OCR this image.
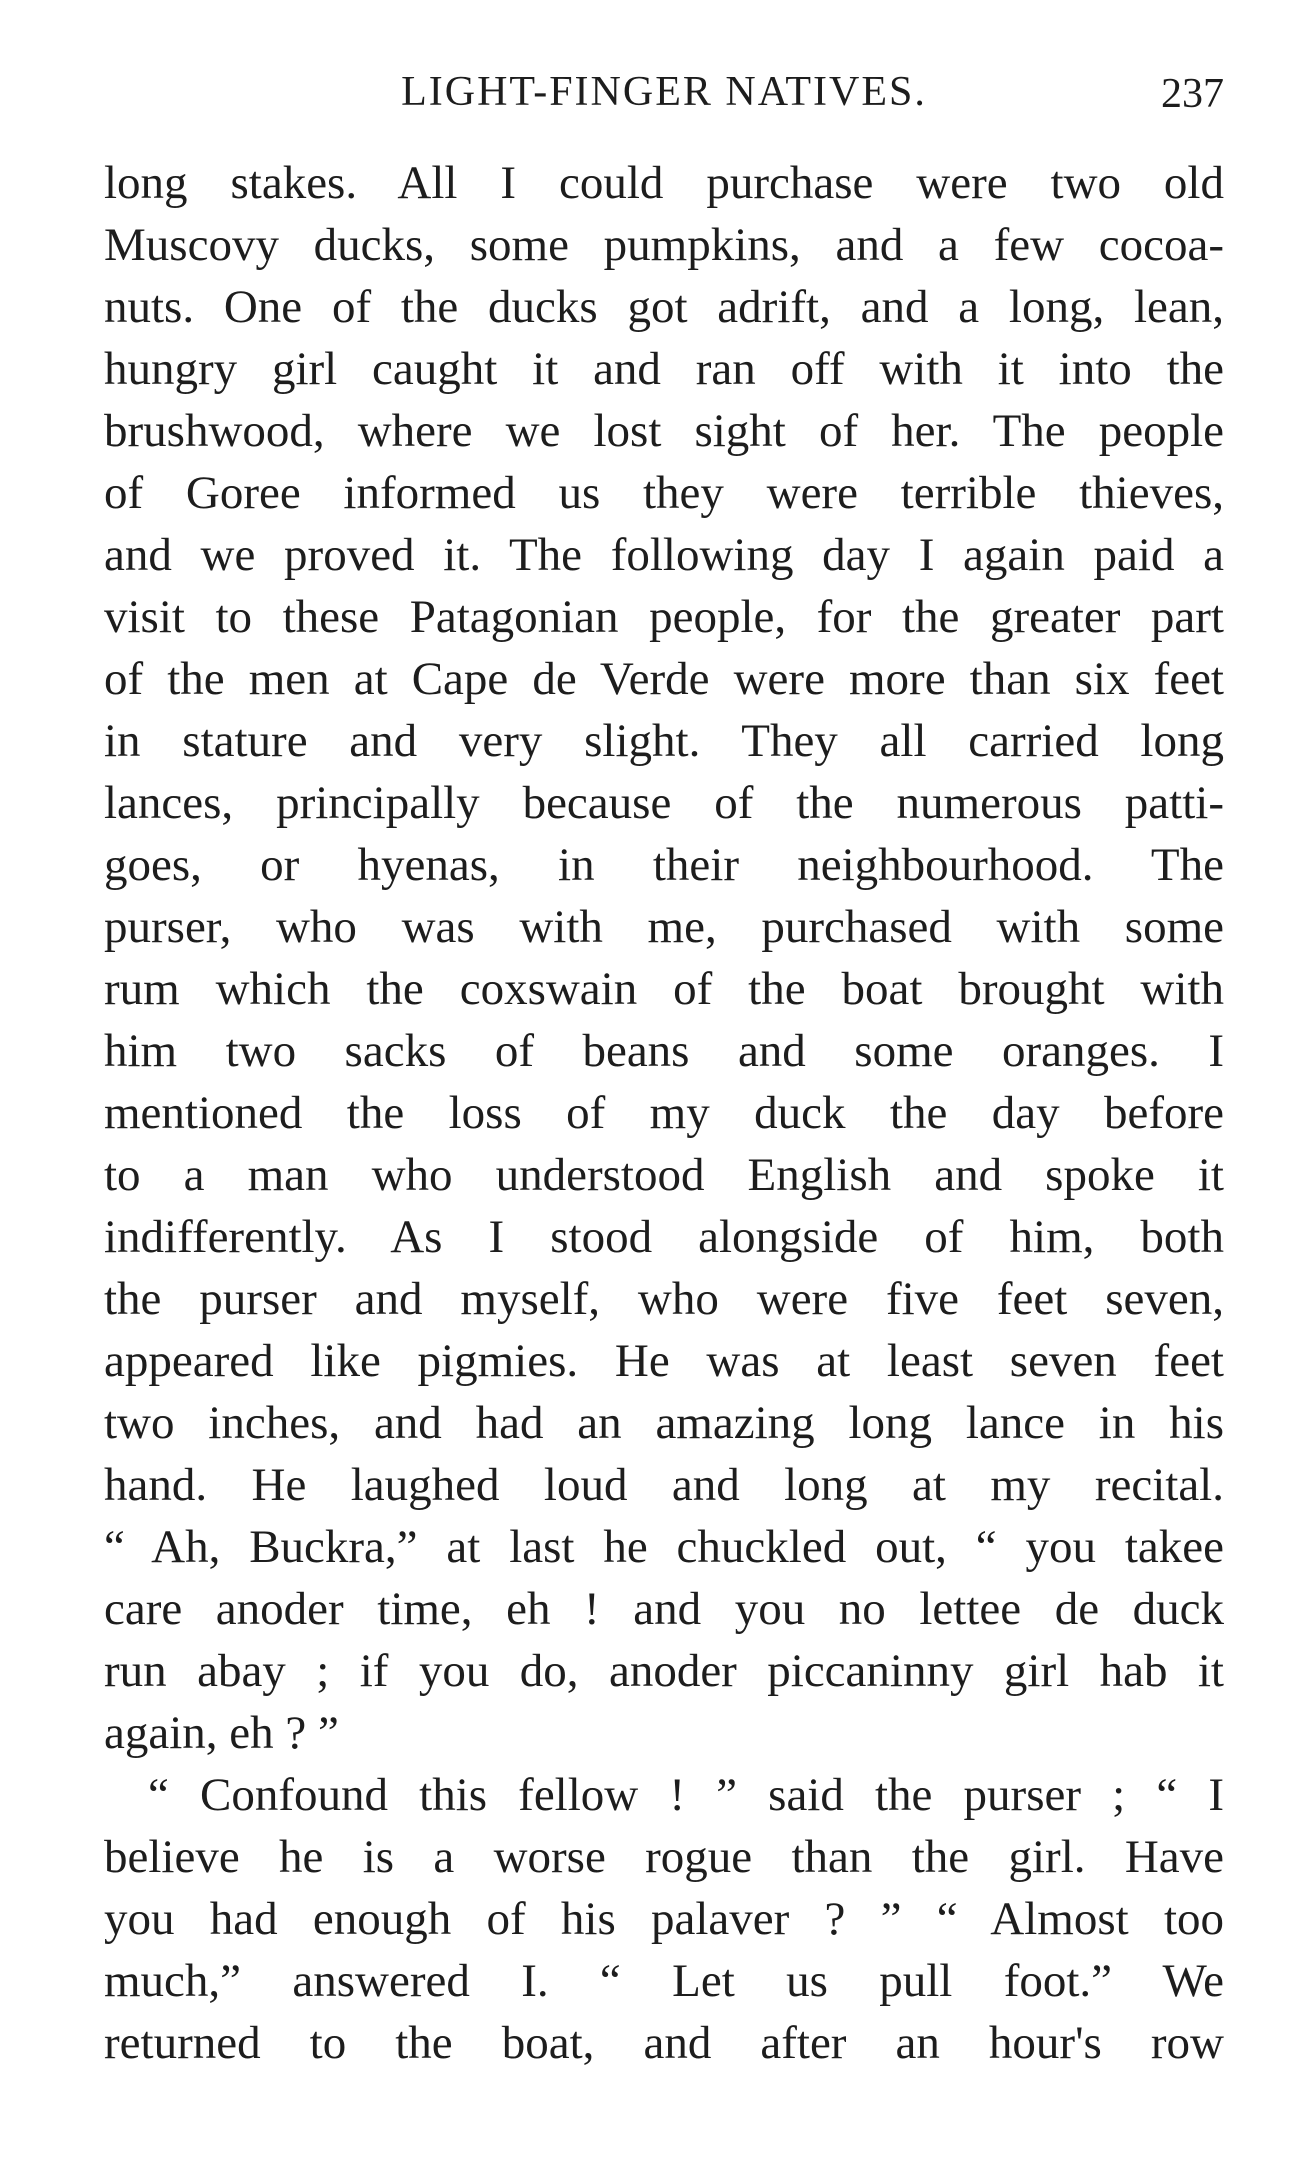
LIGHT-FINGER NATIVES.	237
long stakes. All I could purchase were two old
Muscovy ducks, some pumpkins, and a few cocoa-
nuts. One of the ducks got adrift, and a long, lean,
hungry girl caught it and ran off with it into the
brushwood, where we lost sight of her. The people
of Goree informed us they were terrible thieves,
and we proved it. The following day I again paid a
visit to these Patagonian people, for the greater part
of the men at Cape de Verde were more than six feet
in stature and very slight. They all carried long
lances, principally because of the numerous patti-
goes, or hyenas, in their neighbourhood. The
purser, who was with me, purchased with some
rum which the coxswain of the boat brought with
him two sacks of beans and some oranges. I
mentioned the loss of my duck the day before
to a man who understood English and spoke it
indifferently. As I stood alongside of him, both
the purser and myself, who were five feet seven,
appeared like pigmies. He was at least seven feet
two inches, and had an amazing long lance in his
hand. He laughed loud and long at my recital.
“ Ah, Buckra,” at last he chuckled out, “ you takee
care anoder time, eh ! and you no lettee de duck
run abay ; if you do, anoder piccaninny girl hab it
again, eh ? ”
“ Confound this fellow ! ” said the purser ; “ I
believe he is a worse rogue than the girl. Have
you had enough of his palaver ? ” “ Almost too
much,” answered I. “ Let us pull foot.” We
returned to the boat, and after an hour's row
